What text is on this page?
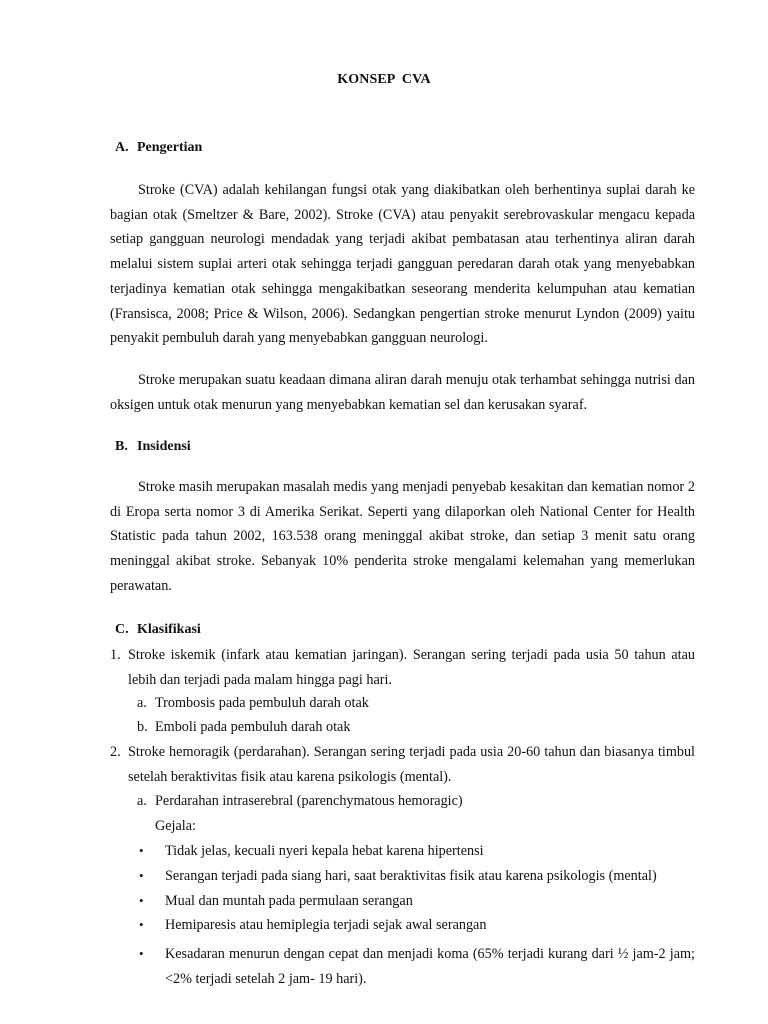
KONSEP  CVA
A. Pengertian

Stroke (CVA) adalah kehilangan fungsi otak yang diakibatkan oleh berhentinya suplai darah ke bagian otak (Smeltzer & Bare, 2002). Stroke (CVA) atau penyakit serebrovaskular mengacu kepada setiap gangguan neurologi mendadak yang terjadi akibat pembatasan atau terhentinya aliran darah melalui sistem suplai arteri otak sehingga terjadi gangguan peredaran darah otak yang menyebabkan terjadinya kematian otak sehingga mengakibatkan seseorang menderita kelumpuhan atau kematian (Fransisca, 2008; Price & Wilson, 2006). Sedangkan pengertian stroke menurut Lyndon (2009) yaitu penyakit pembuluh darah yang menyebabkan gangguan neurologi.

Stroke merupakan suatu keadaan dimana aliran darah menuju otak terhambat sehingga nutrisi dan oksigen untuk otak menurun yang menyebabkan kematian sel dan kerusakan syaraf.

B. Insidensi

Stroke masih merupakan masalah medis yang menjadi penyebab kesakitan dan kematian nomor 2 di Eropa serta nomor 3 di Amerika Serikat. Seperti yang dilaporkan oleh National Center for Health Statistic pada tahun 2002, 163.538 orang meninggal akibat stroke, dan setiap 3 menit satu orang meninggal akibat stroke. Sebanyak 10% penderita stroke mengalami kelemahan yang memerlukan perawatan.

C. Klasifikasi
1. Stroke iskemik (infark atau kematian jaringan). Serangan sering terjadi pada usia 50 tahun atau lebih dan terjadi pada malam hingga pagi hari.
a. Trombosis pada pembuluh darah otak
b. Emboli pada pembuluh darah otak
2. Stroke hemoragik (perdarahan). Serangan sering terjadi pada usia 20-60 tahun dan biasanya timbul setelah beraktivitas fisik atau karena psikologis (mental).
a. Perdarahan intraserebral (parenchymatous hemoragic)
Gejala:
• Tidak jelas, kecuali nyeri kepala hebat karena hipertensi
• Serangan terjadi pada siang hari, saat beraktivitas fisik atau karena psikologis (mental)
• Mual dan muntah pada permulaan serangan
• Hemiparesis atau hemiplegia terjadi sejak awal serangan
• Kesadaran menurun dengan cepat dan menjadi koma (65% terjadi kurang dari ½ jam-2 jam; <2% terjadi setelah 2 jam- 19 hari).
